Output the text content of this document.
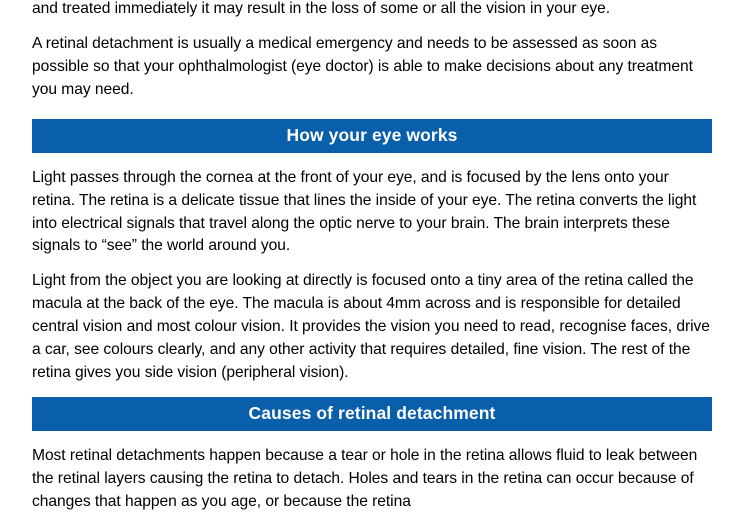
and treated immediately it may result in the loss of some or all the vision in your eye.

A retinal detachment is usually a medical emergency and needs to be assessed as soon as possible so that your ophthalmologist (eye doctor) is able to make decisions about any treatment you may need.

How your eye works

Light passes through the cornea at the front of your eye, and is focused by the lens onto your retina. The retina is a delicate tissue that lines the inside of your eye. The retina converts the light into electrical signals that travel along the optic nerve to your brain. The brain interprets these signals to “see” the world around you.

Light from the object you are looking at directly is focused onto a tiny area of the retina called the macula at the back of the eye. The macula is about 4mm across and is responsible for detailed central vision and most colour vision. It provides the vision you need to read, recognise faces, drive a car, see colours clearly, and any other activity that requires detailed, fine vision. The rest of the retina gives you side vision (peripheral vision).

Causes of retinal detachment

Most retinal detachments happen because a tear or hole in the retina allows fluid to leak between the retinal layers causing the retina to detach. Holes and tears in the retina can occur because of changes that happen as you age, or because the retina
